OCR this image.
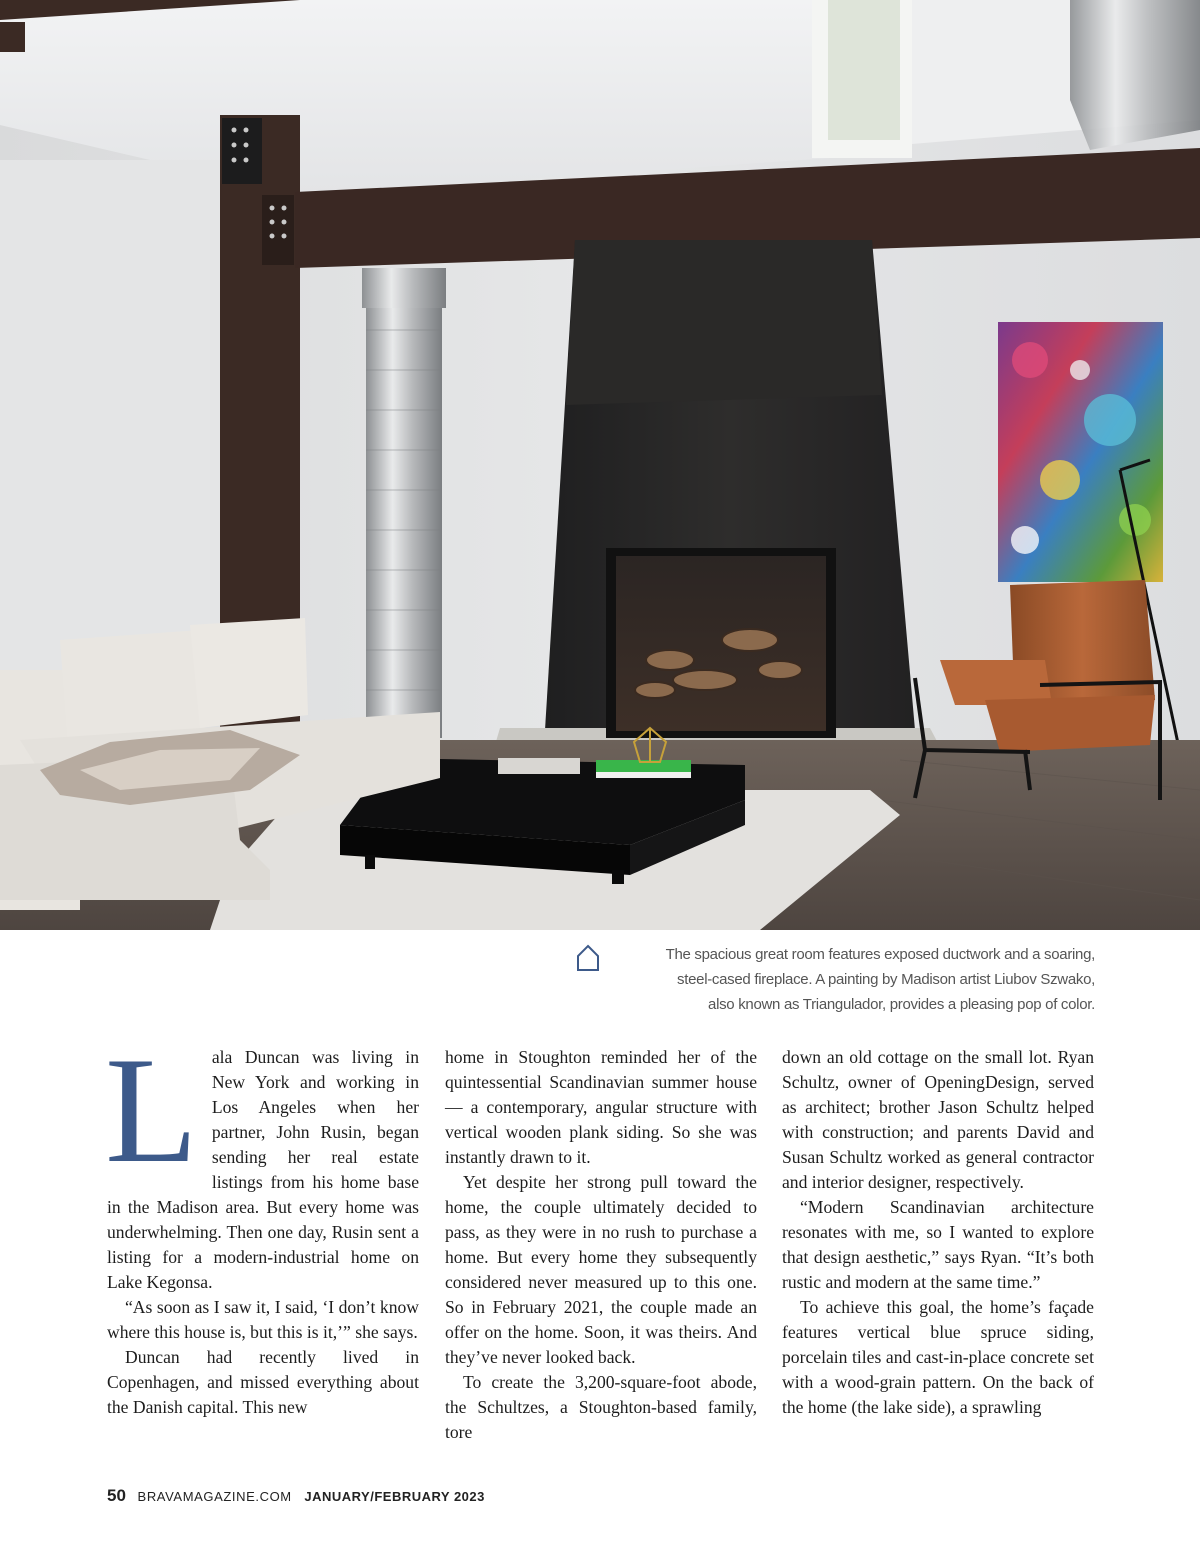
The spacious great room features exposed ductwork and a soaring,
steel-cased fireplace. A painting by Madison artist Liubov Szwako,
also known as Triangulador, provides a pleasing pop of color.

Lala Duncan was living in New York and working in Los Angeles when her partner, John Rusin, began sending her real estate listings from his home base in the Madison area. But every home was underwhelming. Then one day, Rusin sent a listing for a modern-industrial home on Lake Kegonsa.

“As soon as I saw it, I said, ‘I don’t know where this house is, but this is it,’” she says.

Duncan had recently lived in Copenhagen, and missed everything about the Danish capital. This new

home in Stoughton reminded her of the quintessential Scandinavian summer house — a contemporary, angular structure with vertical wooden plank siding. So she was instantly drawn to it.

Yet despite her strong pull toward the home, the couple ultimately decided to pass, as they were in no rush to purchase a home. But every home they subsequently considered never measured up to this one. So in February 2021, the couple made an offer on the home. Soon, it was theirs. And they’ve never looked back.

To create the 3,200-square-foot abode, the Schultzes, a Stoughton-based family, tore

down an old cottage on the small lot. Ryan Schultz, owner of OpeningDesign, served as architect; brother Jason Schultz helped with construction; and parents David and Susan Schultz worked as general contractor and interior designer, respectively.

“Modern Scandinavian architecture resonates with me, so I wanted to explore that design aesthetic,” says Ryan. “It’s both rustic and modern at the same time.”

To achieve this goal, the home’s façade features vertical blue spruce siding, porcelain tiles and cast-in-place concrete set with a wood-grain pattern. On the back of the home (the lake side), a sprawling

50 BRAVAMAGAZINE.COM JANUARY/FEBRUARY 2023
